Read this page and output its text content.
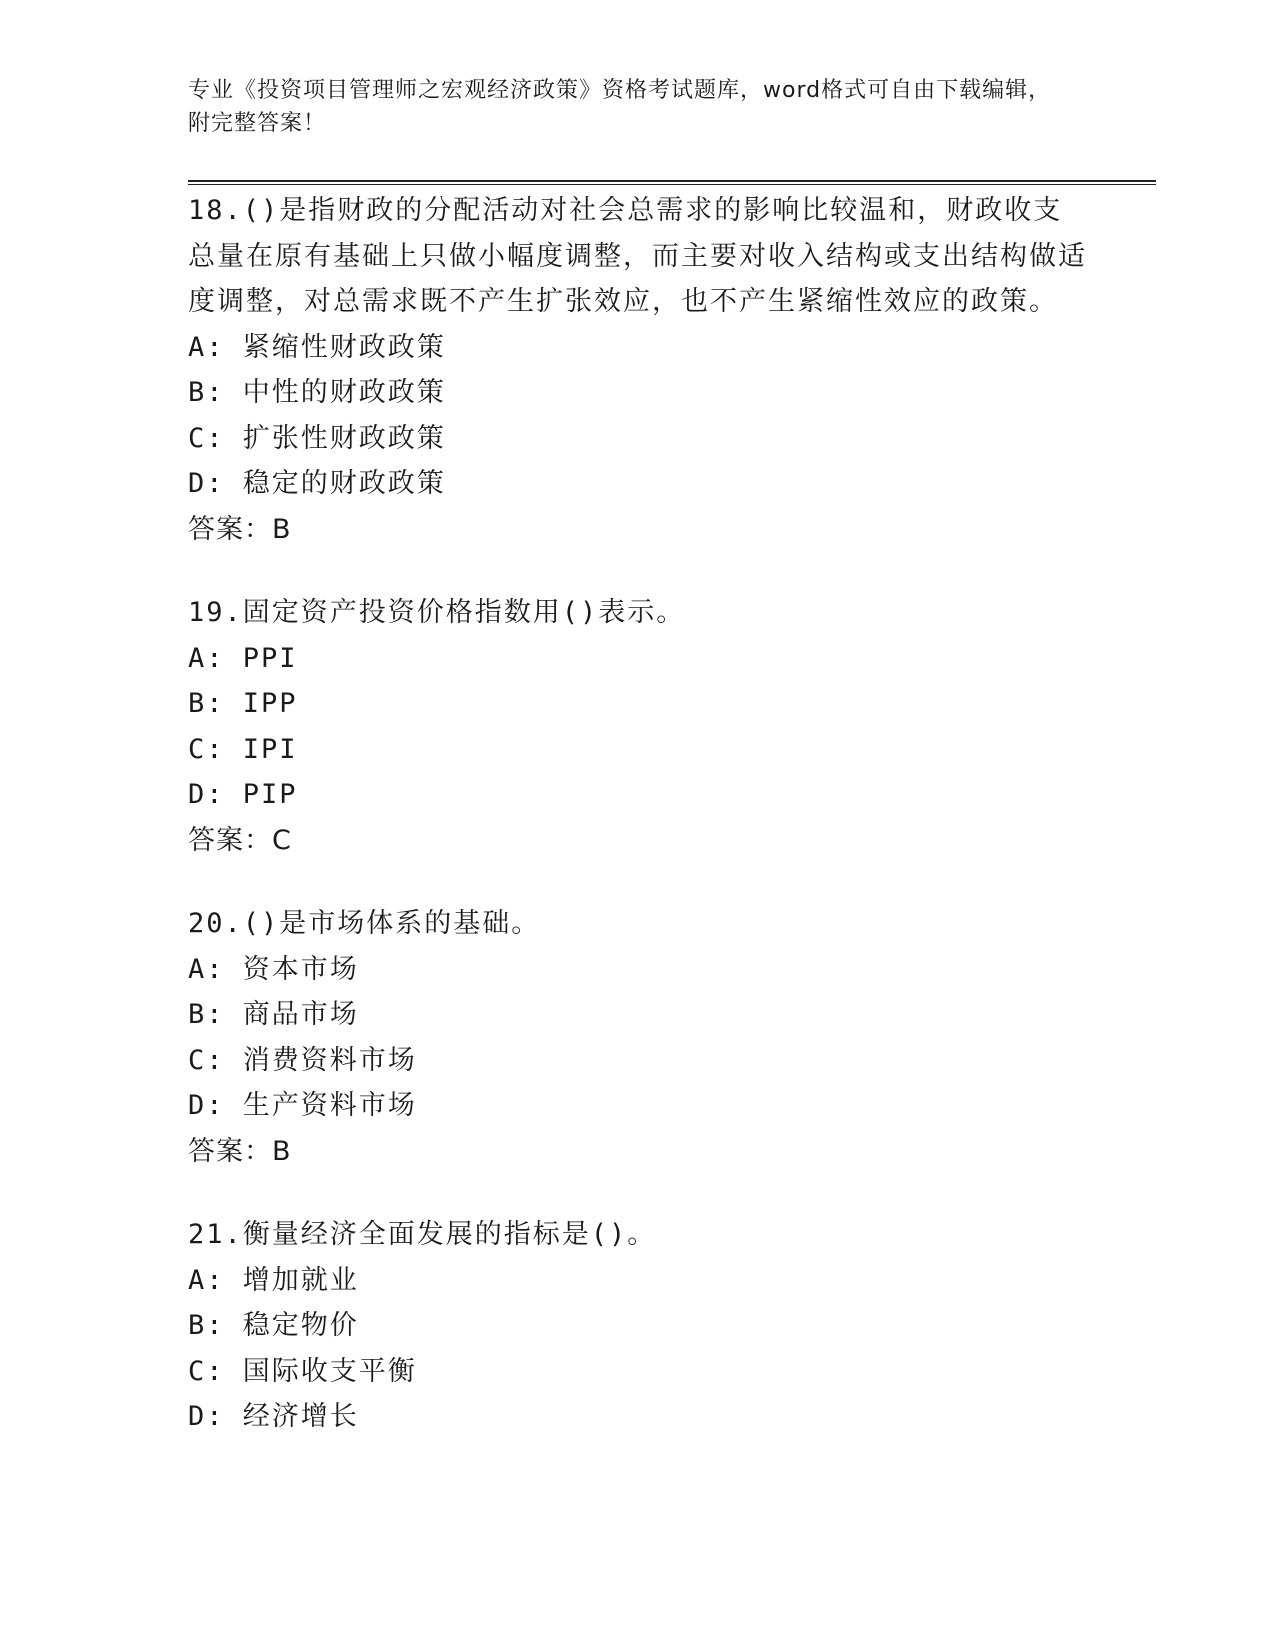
专业《投资项目管理师之宏观经济政策》资格考试题库，word格式可自由下载编辑，附完整答案！
18.()是指财政的分配活动对社会总需求的影响比较温和，财政收支总量在原有基础上只做小幅度调整，而主要对收入结构或支出结构做适度调整，对总需求既不产生扩张效应，也不产生紧缩性效应的政策。
A: 紧缩性财政政策
B: 中性的财政政策
C: 扩张性财政政策
D: 稳定的财政政策
答案：B
19.固定资产投资价格指数用()表示。
A: PPI
B: IPP
C: IPI
D: PIP
答案：C
20.()是市场体系的基础。
A: 资本市场
B: 商品市场
C: 消费资料市场
D: 生产资料市场
答案：B
21.衡量经济全面发展的指标是()。
A: 增加就业
B: 稳定物价
C: 国际收支平衡
D: 经济增长
